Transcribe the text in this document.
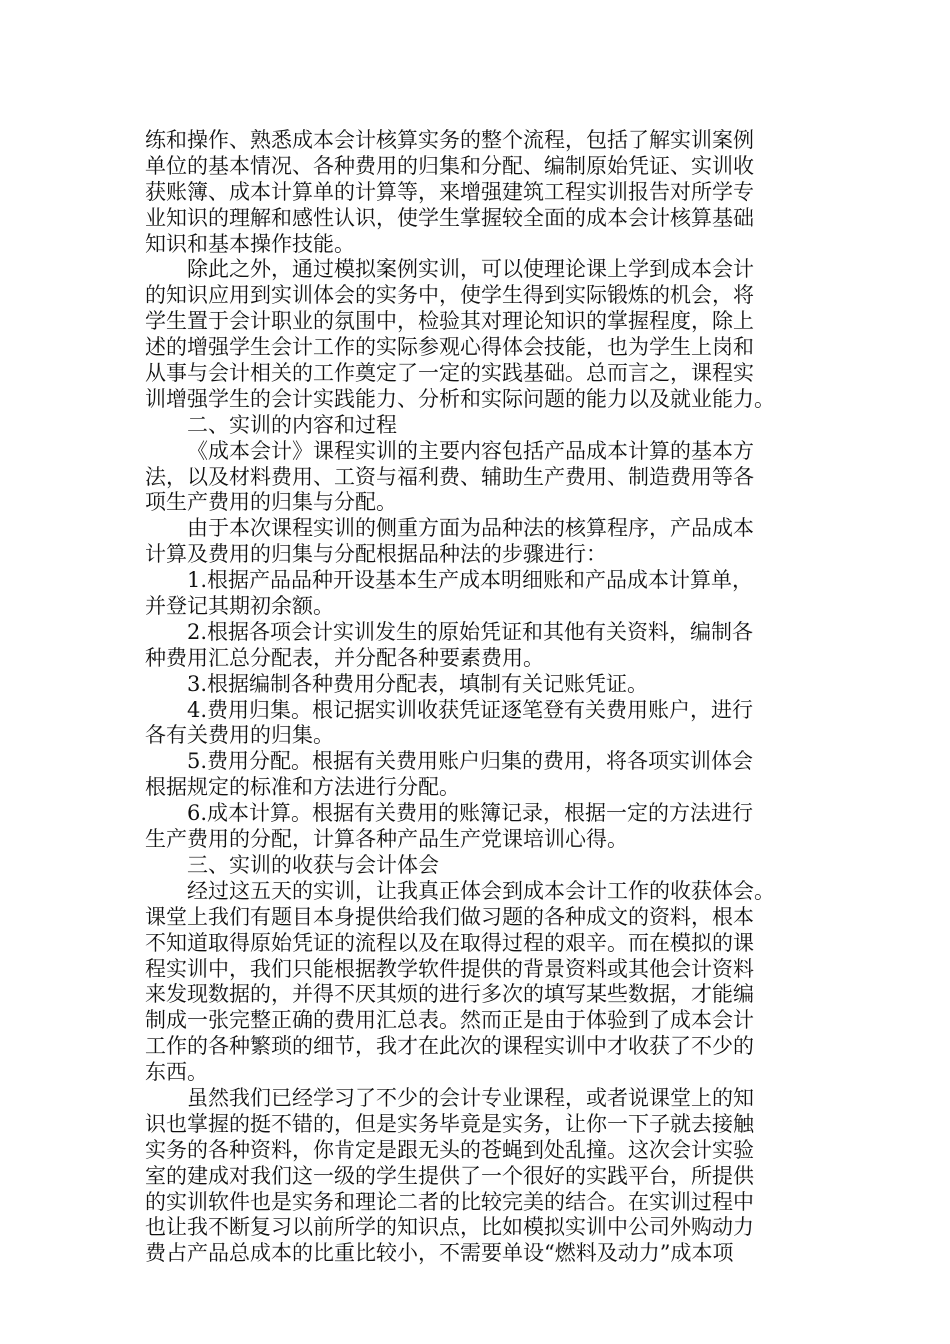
练和操作、熟悉成本会计核算实务的整个流程，包括了解实训案例
单位的基本情况、各种费用的归集和分配、编制原始凭证、实训收
获账簿、成本计算单的计算等，来增强建筑工程实训报告对所学专
业知识的理解和感性认识，使学生掌握较全面的成本会计核算基础
知识和基本操作技能。
除此之外，通过模拟案例实训，可以使理论课上学到成本会计
的知识应用到实训体会的实务中，使学生得到实际锻炼的机会，将
学生置于会计职业的氛围中，检验其对理论知识的掌握程度，除上
述的增强学生会计工作的实际参观心得体会技能，也为学生上岗和
从事与会计相关的工作奠定了一定的实践基础。总而言之，课程实
训增强学生的会计实践能力、分析和实际问题的能力以及就业能力。
二、实训的内容和过程
《成本会计》课程实训的主要内容包括产品成本计算的基本方
法，以及材料费用、工资与福利费、辅助生产费用、制造费用等各
项生产费用的归集与分配。
由于本次课程实训的侧重方面为品种法的核算程序，产品成本
计算及费用的归集与分配根据品种法的步骤进行：
1.根据产品品种开设基本生产成本明细账和产品成本计算单，
并登记其期初余额。
2.根据各项会计实训发生的原始凭证和其他有关资料，编制各
种费用汇总分配表，并分配各种要素费用。
3.根据编制各种费用分配表，填制有关记账凭证。
4.费用归集。根记据实训收获凭证逐笔登有关费用账户，进行
各有关费用的归集。
5.费用分配。根据有关费用账户归集的费用，将各项实训体会
根据规定的标准和方法进行分配。
6.成本计算。根据有关费用的账簿记录，根据一定的方法进行
生产费用的分配，计算各种产品生产党课培训心得。
三、实训的收获与会计体会
经过这五天的实训，让我真正体会到成本会计工作的收获体会。
课堂上我们有题目本身提供给我们做习题的各种成文的资料，根本
不知道取得原始凭证的流程以及在取得过程的艰辛。而在模拟的课
程实训中，我们只能根据教学软件提供的背景资料或其他会计资料
来发现数据的，并得不厌其烦的进行多次的填写某些数据，才能编
制成一张完整正确的费用汇总表。然而正是由于体验到了成本会计
工作的各种繁琐的细节，我才在此次的课程实训中才收获了不少的
东西。
虽然我们已经学习了不少的会计专业课程，或者说课堂上的知
识也掌握的挺不错的，但是实务毕竟是实务，让你一下子就去接触
实务的各种资料，你肯定是跟无头的苍蝇到处乱撞。这次会计实验
室的建成对我们这一级的学生提供了一个很好的实践平台，所提供
的实训软件也是实务和理论二者的比较完美的结合。在实训过程中
也让我不断复习以前所学的知识点，比如模拟实训中公司外购动力
费占产品总成本的比重比较小，不需要单设“燃料及动力”成本项
